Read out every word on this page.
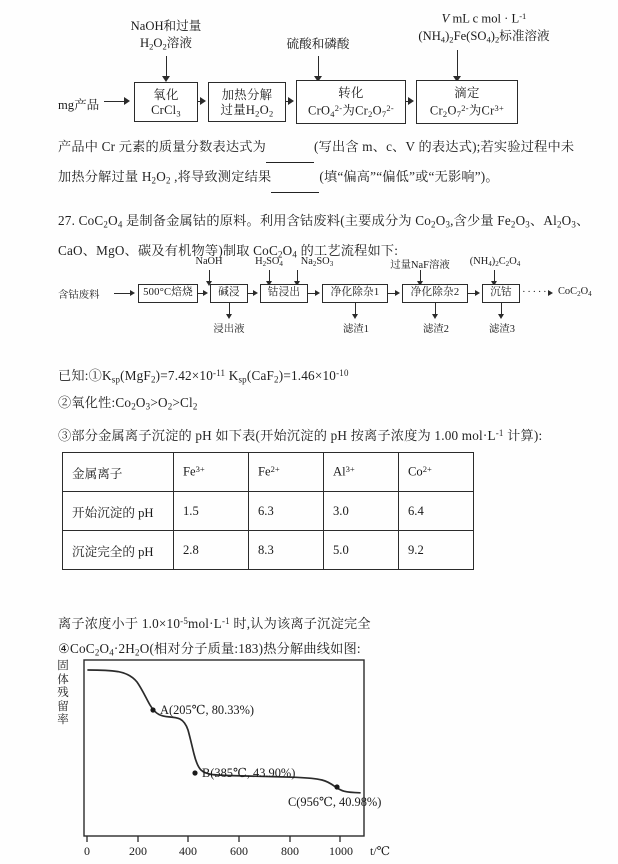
NaOH和过量
$H_2O_2$溶液	硫酸和磷酸
V mL c mol · $L^{-1}$
$(NH_4)_2Fe(SO_4)_2$标准溶液
mg产品
氧化
CrCl$_3$
加热分解
过量$H_2O_2$
转化
CrO$_4^{2-}$为$Cr_2O_7^{2-}$
滴定
$Cr_2O_7^{2-}$为$Cr^{3+}$
产品中 Cr 元素的质量分数表达式为	(写出含 m、c、V 的表达式);若实验过程中未
加热分解过量 $H_2O_2$ ,将导致测定结果	(填“偏高”“偏低”或“无影响”)。
27. $CoC_2O_4$ 是制备金属钴的原料。利用含钴废料(主要成分为 $Co_2O_3$,含少量 $Fe_2O_3$、$Al_2O_3$、
CaO、MgO、碳及有机物等)制取 $CoC_2O_4$ 的工艺流程如下:
NaOH	$H_2SO_4$	$Na_2SO_3$	过量NaF溶液	$(NH_4)_2C_2O_4$
含钴废料	500°C焙烧	碱浸	钴浸出	净化除杂1	净化除杂2	沉钴 ····· $CoC_2O_4$
浸出液	滤渣1	滤渣2	滤渣3
已知$:①K_{sp}(MgF_2)=7.42\times 10^{-11}$ $K_{sp}(CaF_2)=1.46\times 10^{-10}$
②氧化性$:Co_2O_3>O_2>Cl_2$
③部分金属离子沉淀的 pH 如下表(开始沉淀的 pH 按离子浓度为 1.00 $mol\cdot L^{-1}$ 计算):
金属离子	$Fe^{3+}$	$Fe^{2+}$	$Al^{3+}$	$Co^{2+}$
开始沉淀的 pH	1.5	6.3	3.0	6.4
沉淀完全的 pH	2.8	8.3	5.0	9.2
离子浓度小于 $1.0\times 10^{-5}mol\cdot L^{-1}$ 时,认为该离子沉淀完全
$④CoC_2O_4\cdot 2H_2O$(相对分子质量:183)热分解曲线如图:
固
体
残
留
率
A(205℃, 80.33%)
B(385℃, 43.90%)
C(956℃, 40.98%)
0	200	400	600	800	1000	t/℃
